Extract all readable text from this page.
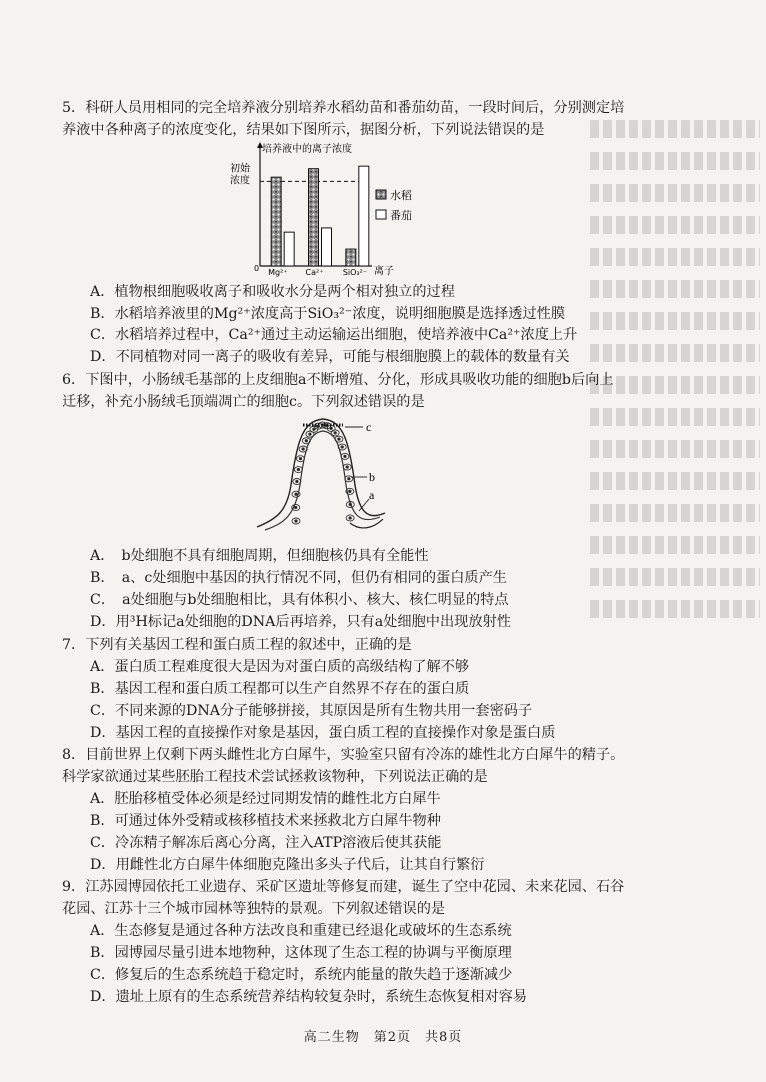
5．科研人员用相同的完全培养液分别培养水稻幼苗和番茄幼苗，一段时间后，分别测定培
养液中各种离子的浓度变化，结果如下图所示，据图分析，下列说法错误的是
培养液中的离子浓度
初始
浓度
0	离子
Mg²⁺ Ca²⁺ SiO₃²⁻
水稻
番茄
A．植物根细胞吸收离子和吸收水分是两个相对独立的过程
B．水稻培养液里的Mg²⁺浓度高于SiO₃²⁻浓度，说明细胞膜是选择透过性膜
C．水稻培养过程中，Ca²⁺通过主动运输运出细胞，使培养液中Ca²⁺浓度上升
D．不同植物对同一离子的吸收有差异，可能与根细胞膜上的载体的数量有关
6．下图中，小肠绒毛基部的上皮细胞a不断增殖、分化，形成具吸收功能的细胞b后向上
迁移，补充小肠绒毛顶端凋亡的细胞c。下列叙述错误的是
c
b
a
A．　b处细胞不具有细胞周期，但细胞核仍具有全能性
B．　a、c处细胞中基因的执行情况不同，但仍有相同的蛋白质产生
C．　a处细胞与b处细胞相比，具有体积小、核大、核仁明显的特点
D．用³H标记a处细胞的DNA后再培养，只有a处细胞中出现放射性
7．下列有关基因工程和蛋白质工程的叙述中，正确的是
A．蛋白质工程难度很大是因为对蛋白质的高级结构了解不够
B．基因工程和蛋白质工程都可以生产自然界不存在的蛋白质
C．不同来源的DNA分子能够拼接，其原因是所有生物共用一套密码子
D．基因工程的直接操作对象是基因，蛋白质工程的直接操作对象是蛋白质
8．目前世界上仅剩下两头雌性北方白犀牛，实验室只留有冷冻的雄性北方白犀牛的精子。
科学家欲通过某些胚胎工程技术尝试拯救该物种，下列说法正确的是
A．胚胎移植受体必须是经过同期发情的雌性北方白犀牛
B．可通过体外受精或核移植技术来拯救北方白犀牛物种
C．冷冻精子解冻后离心分离，注入ATP溶液后使其获能
D．用雌性北方白犀牛体细胞克隆出多头子代后，让其自行繁衍
9．江苏园博园依托工业遗存、采矿区遗址等修复而建，诞生了空中花园、未来花园、石谷
花园、江苏十三个城市园林等独特的景观。下列叙述错误的是
A．生态修复是通过各种方法改良和重建已经退化或破坏的生态系统
B．园博园尽量引进本地物种，这体现了生态工程的协调与平衡原理
C．修复后的生态系统趋于稳定时，系统内能量的散失趋于逐渐减少
D．遗址上原有的生态系统营养结构较复杂时，系统生态恢复相对容易
高二生物　第2页　共8页
